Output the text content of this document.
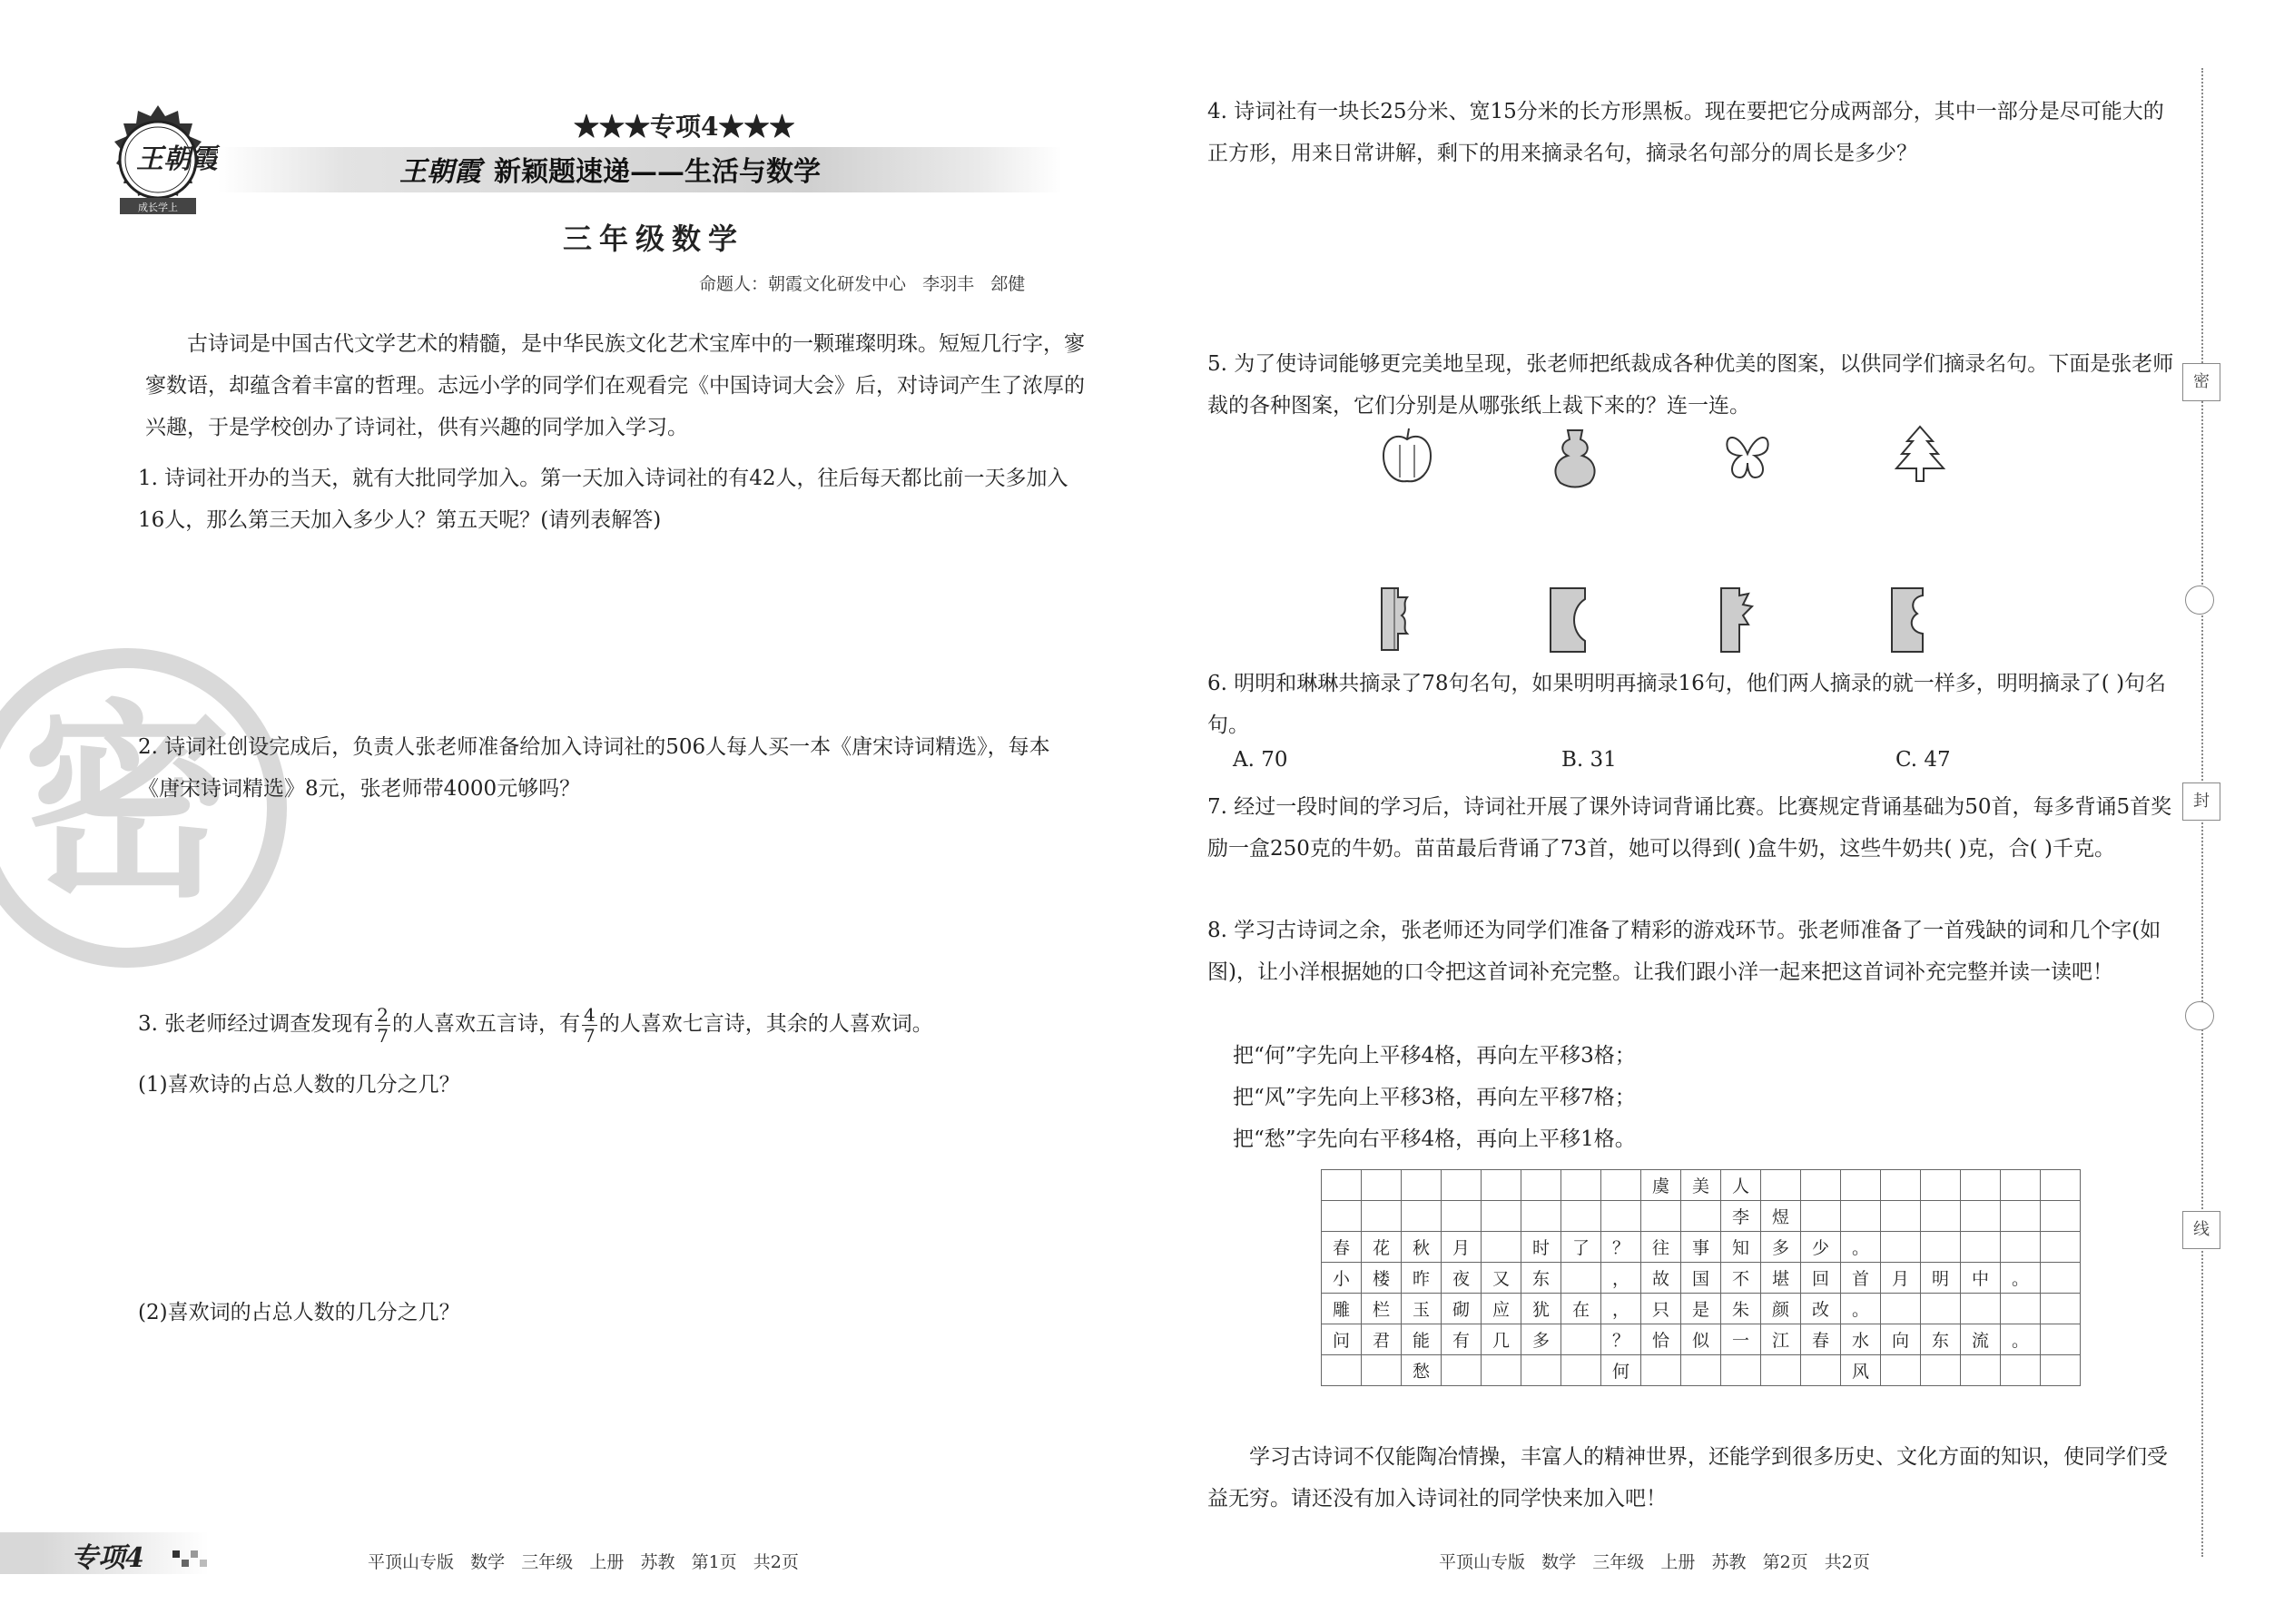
成长学上
王朝霞
★★★专项4★★★
王朝霞 新颖题速递——生活与数学
三年级数学
命题人：朝霞文化研发中心   李羽丰   郐健
密
古诗词是中国古代文学艺术的精髓，是中华民族文化艺术宝库中的一颗璀璨明珠。短短几行字，寥寥数语，却蕴含着丰富的哲理。志远小学的同学们在观看完《中国诗词大会》后，对诗词产生了浓厚的兴趣，于是学校创办了诗词社，供有兴趣的同学加入学习。
1. 诗词社开办的当天，就有大批同学加入。第一天加入诗词社的有42人，往后每天都比前一天多加入16人，那么第三天加入多少人？第五天呢？(请列表解答)
2. 诗词社创设完成后，负责人张老师准备给加入诗词社的506人每人买一本《唐宋诗词精选》，每本《唐宋诗词精选》8元，张老师带4000元够吗？
3. 张老师经过调查发现有 $\frac{2}{7}$ 的人喜欢五言诗，有 $\frac{4}{7}$ 的人喜欢七言诗，其余的人喜欢词。
(1)喜欢诗的占总人数的几分之几？
(2)喜欢词的占总人数的几分之几？
4. 诗词社有一块长25分米、宽15分米的长方形黑板。现在要把它分成两部分，其中一部分是尽可能大的正方形，用来日常讲解，剩下的用来摘录名句，摘录名句部分的周长是多少？
5. 为了使诗词能够更完美地呈现，张老师把纸裁成各种优美的图案，以供同学们摘录名句。下面是张老师裁的各种图案，它们分别是从哪张纸上裁下来的？连一连。
6. 明明和琳琳共摘录了78句名句，如果明明再摘录16句，他们两人摘录的就一样多，明明摘录了( )句名句。
A. 70	B. 31	C. 47
7. 经过一段时间的学习后，诗词社开展了课外诗词背诵比赛。比赛规定背诵基础为50首，每多背诵5首奖励一盒250克的牛奶。苗苗最后背诵了73首，她可以得到( )盒牛奶，这些牛奶共( )克，合( )千克。
8. 学习古诗词之余，张老师还为同学们准备了精彩的游戏环节。张老师准备了一首残缺的词和几个字(如图)，让小洋根据她的口令把这首词补充完整。让我们跟小洋一起来把这首词补充完整并读一读吧！
把“何”字先向上平移4格，再向左平移3格；
把“风”字先向上平移3格，再向左平移7格；
把“愁”字先向右平移4格，再向上平移1格。
								虞	美	人								
										李	煜							
春	花	秋	月		时	了	？	往	事	知	多	少	。					
小	楼	昨	夜	又	东		，	故	国	不	堪	回	首	月	明	中	。	
雕	栏	玉	砌	应	犹	在	，	只	是	朱	颜	改	。					
问	君	能	有	几	多		？	恰	似	一	江	春	水	向	东	流	。	
		愁					何						风					
学习古诗词不仅能陶冶情操，丰富人的精神世界，还能学到很多历史、文化方面的知识，使同学们受益无穷。请还没有加入诗词社的同学快来加入吧！
密
封
线
专项4	平顶山专版   数学   三年级   上册   苏教   第1页   共2页	平顶山专版   数学   三年级   上册   苏教   第2页   共2页
